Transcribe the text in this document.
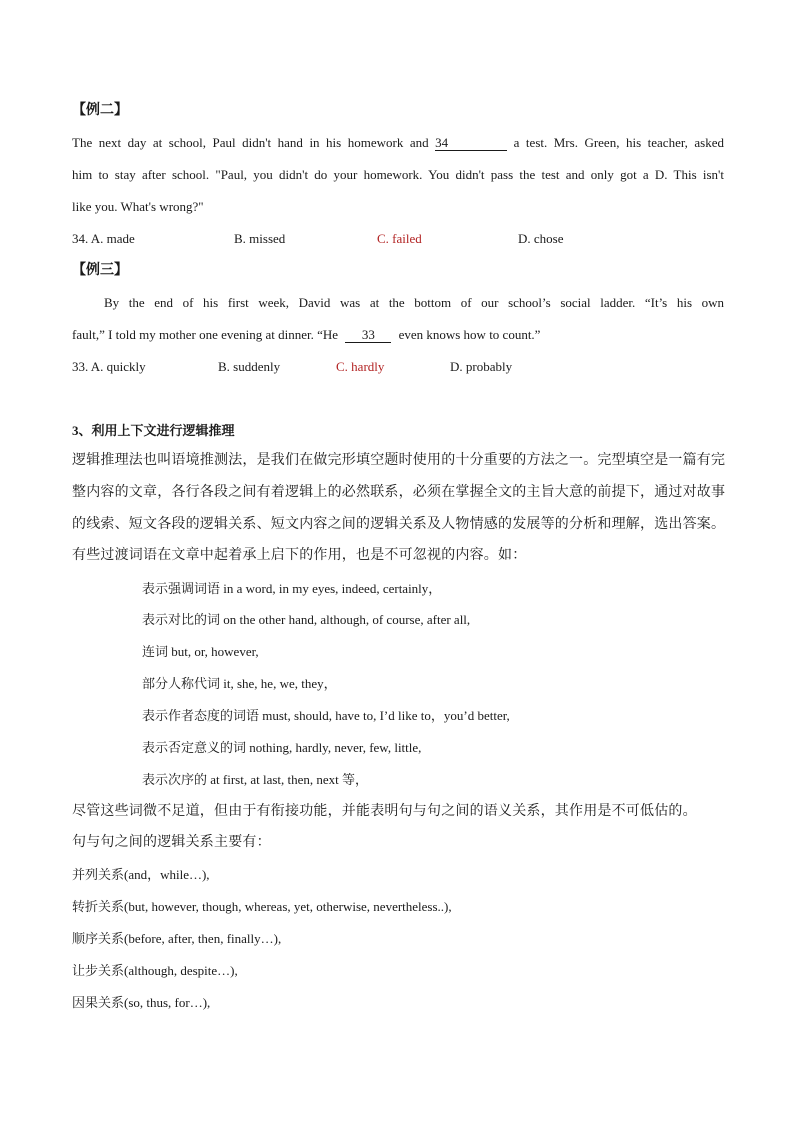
【例二】
The next day at school, Paul didn't hand in his homework and 34	a test. Mrs. Green, his teacher, asked
him to stay after school. "Paul, you didn't do your homework. You didn't pass the test and only got a D. This isn't
like you. What's wrong?"
34. A. made	B. missed	C. failed	D. chose
【例三】
By the end of his first week, David was at the bottom of our school’s social ladder. “It’s his own
fault,” I told my mother one evening at dinner. “He 33 even knows how to count.”
33. A. quickly	B. suddenly	C. hardly	D. probably
3、利用上下文进行逻辑推理
逻辑推理法也叫语境推测法，是我们在做完形填空题时使用的十分重要的方法之一。完型填空是一篇有完
整内容的文章，各行各段之间有着逻辑上的必然联系，必须在掌握全文的主旨大意的前提下，通过对故事
的线索、短文各段的逻辑关系、短文内容之间的逻辑关系及人物情感的发展等的分析和理解，选出答案。
有些过渡词语在文章中起着承上启下的作用，也是不可忽视的内容。如：
表示强调词语 in a word, in my eyes, indeed, certainly，
表示对比的词 on the other hand, although, of course, after all,
连词 but, or, however,
部分人称代词 it, she, he, we, they，
表示作者态度的词语 must, should, have to, I’d like to，you’d better,
表示否定意义的词 nothing, hardly, never, few, little,
表示次序的 at first, at last, then, next 等，
尽管这些词微不足道，但由于有衔接功能，并能表明句与句之间的语义关系，其作用是不可低估的。
句与句之间的逻辑关系主要有：
并列关系(and，while…),
转折关系(but, however, though, whereas, yet, otherwise, nevertheless..),
顺序关系(before, after, then, finally…),
让步关系(although, despite…),
因果关系(so, thus, for…),
